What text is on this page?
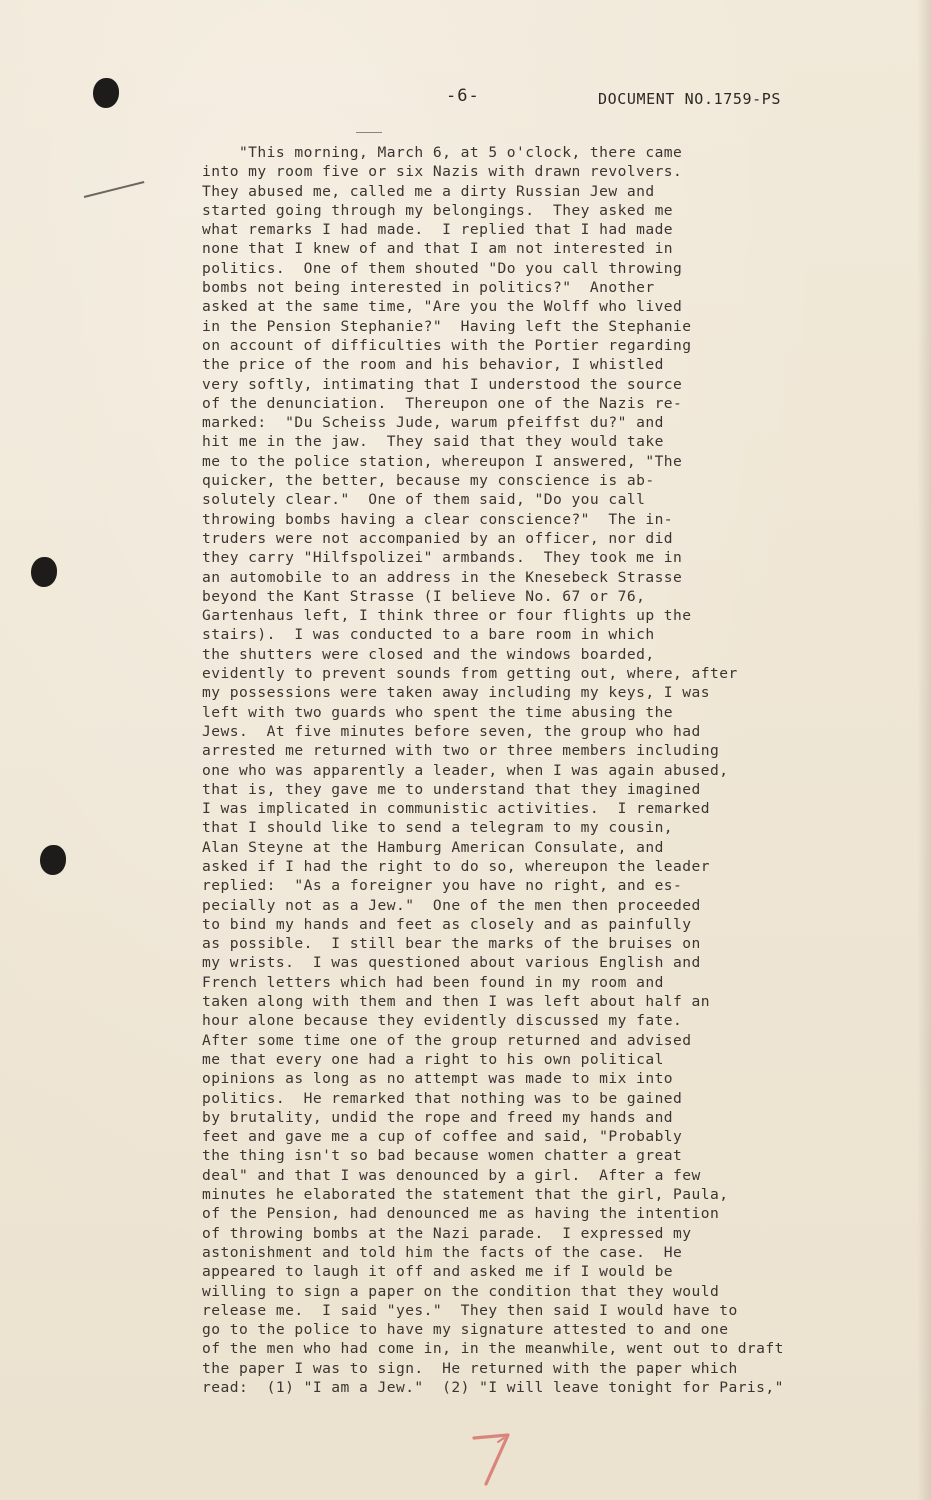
-6-	DOCUMENT NO.1759-PS
"This morning, March 6, at 5 o'clock, there came
into my room five or six Nazis with drawn revolvers.
They abused me, called me a dirty Russian Jew and
started going through my belongings.  They asked me
what remarks I had made.  I replied that I had made
none that I knew of and that I am not interested in
politics.  One of them shouted "Do you call throwing
bombs not being interested in politics?"  Another
asked at the same time, "Are you the Wolff who lived
in the Pension Stephanie?"  Having left the Stephanie
on account of difficulties with the Portier regarding
the price of the room and his behavior, I whistled
very softly, intimating that I understood the source
of the denunciation.  Thereupon one of the Nazis re-
marked:  "Du Scheiss Jude, warum pfeiffst du?" and
hit me in the jaw.  They said that they would take
me to the police station, whereupon I answered, "The
quicker, the better, because my conscience is ab-
solutely clear."  One of them said, "Do you call
throwing bombs having a clear conscience?"  The in-
truders were not accompanied by an officer, nor did
they carry "Hilfspolizei" armbands.  They took me in
an automobile to an address in the Knesebeck Strasse
beyond the Kant Strasse (I believe No. 67 or 76,
Gartenhaus left, I think three or four flights up the
stairs).  I was conducted to a bare room in which
the shutters were closed and the windows boarded,
evidently to prevent sounds from getting out, where, after
my possessions were taken away including my keys, I was
left with two guards who spent the time abusing the
Jews.  At five minutes before seven, the group who had
arrested me returned with two or three members including
one who was apparently a leader, when I was again abused,
that is, they gave me to understand that they imagined
I was implicated in communistic activities.  I remarked
that I should like to send a telegram to my cousin,
Alan Steyne at the Hamburg American Consulate, and
asked if I had the right to do so, whereupon the leader
replied:  "As a foreigner you have no right, and es-
pecially not as a Jew."  One of the men then proceeded
to bind my hands and feet as closely and as painfully
as possible.  I still bear the marks of the bruises on
my wrists.  I was questioned about various English and
French letters which had been found in my room and
taken along with them and then I was left about half an
hour alone because they evidently discussed my fate.
After some time one of the group returned and advised
me that every one had a right to his own political
opinions as long as no attempt was made to mix into
politics.  He remarked that nothing was to be gained
by brutality, undid the rope and freed my hands and
feet and gave me a cup of coffee and said, "Probably
the thing isn't so bad because women chatter a great
deal" and that I was denounced by a girl.  After a few
minutes he elaborated the statement that the girl, Paula,
of the Pension, had denounced me as having the intention
of throwing bombs at the Nazi parade.  I expressed my
astonishment and told him the facts of the case.  He
appeared to laugh it off and asked me if I would be
willing to sign a paper on the condition that they would
release me.  I said "yes."  They then said I would have to
go to the police to have my signature attested to and one
of the men who had come in, in the meanwhile, went out to draft
the paper I was to sign.  He returned with the paper which
read:  (1) "I am a Jew."  (2) "I will leave tonight for Paris,"
